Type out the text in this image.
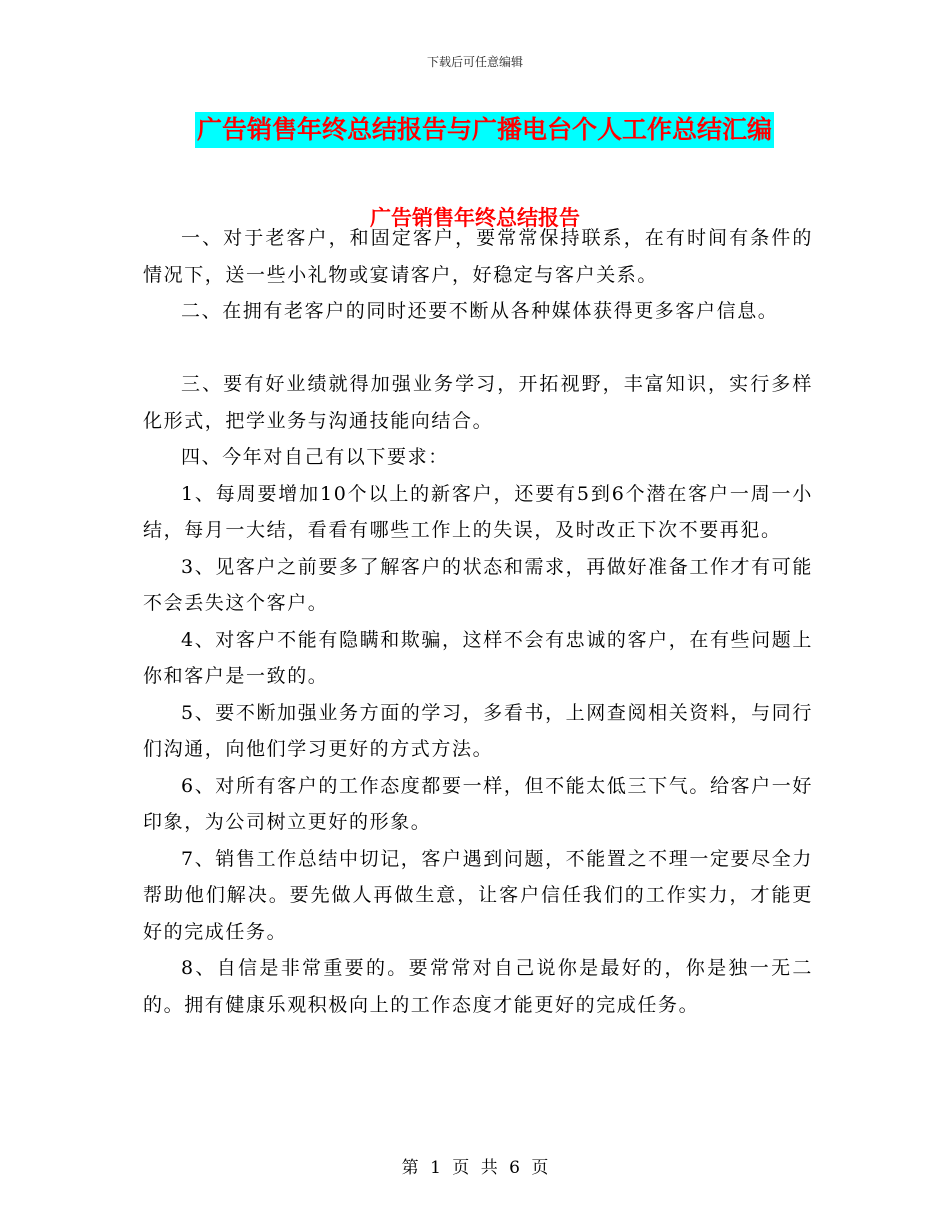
下载后可任意编辑
广告销售年终总结报告与广播电台个人工作总结汇编
广告销售年终总结报告

一、对于老客户，和固定客户，要常常保持联系，在有时间有条件的情况下，送一些小礼物或宴请客户，好稳定与客户关系。

二、在拥有老客户的同时还要不断从各种媒体获得更多客户信息。

三、要有好业绩就得加强业务学习，开拓视野，丰富知识，实行多样化形式，把学业务与沟通技能向结合。

四、今年对自己有以下要求：

1、每周要增加10个以上的新客户，还要有5到6个潜在客户一周一小结，每月一大结，看看有哪些工作上的失误，及时改正下次不要再犯。

3、见客户之前要多了解客户的状态和需求，再做好准备工作才有可能不会丢失这个客户。

4、对客户不能有隐瞒和欺骗，这样不会有忠诚的客户，在有些问题上你和客户是一致的。

5、要不断加强业务方面的学习，多看书，上网查阅相关资料，与同行们沟通，向他们学习更好的方式方法。

6、对所有客户的工作态度都要一样，但不能太低三下气。给客户一好印象，为公司树立更好的形象。

7、销售工作总结中切记，客户遇到问题，不能置之不理一定要尽全力帮助他们解决。要先做人再做生意，让客户信任我们的工作实力，才能更好的完成任务。

8、自信是非常重要的。要常常对自己说你是最好的，你是独一无二的。拥有健康乐观积极向上的工作态度才能更好的完成任务。

第 1 页 共 6 页
